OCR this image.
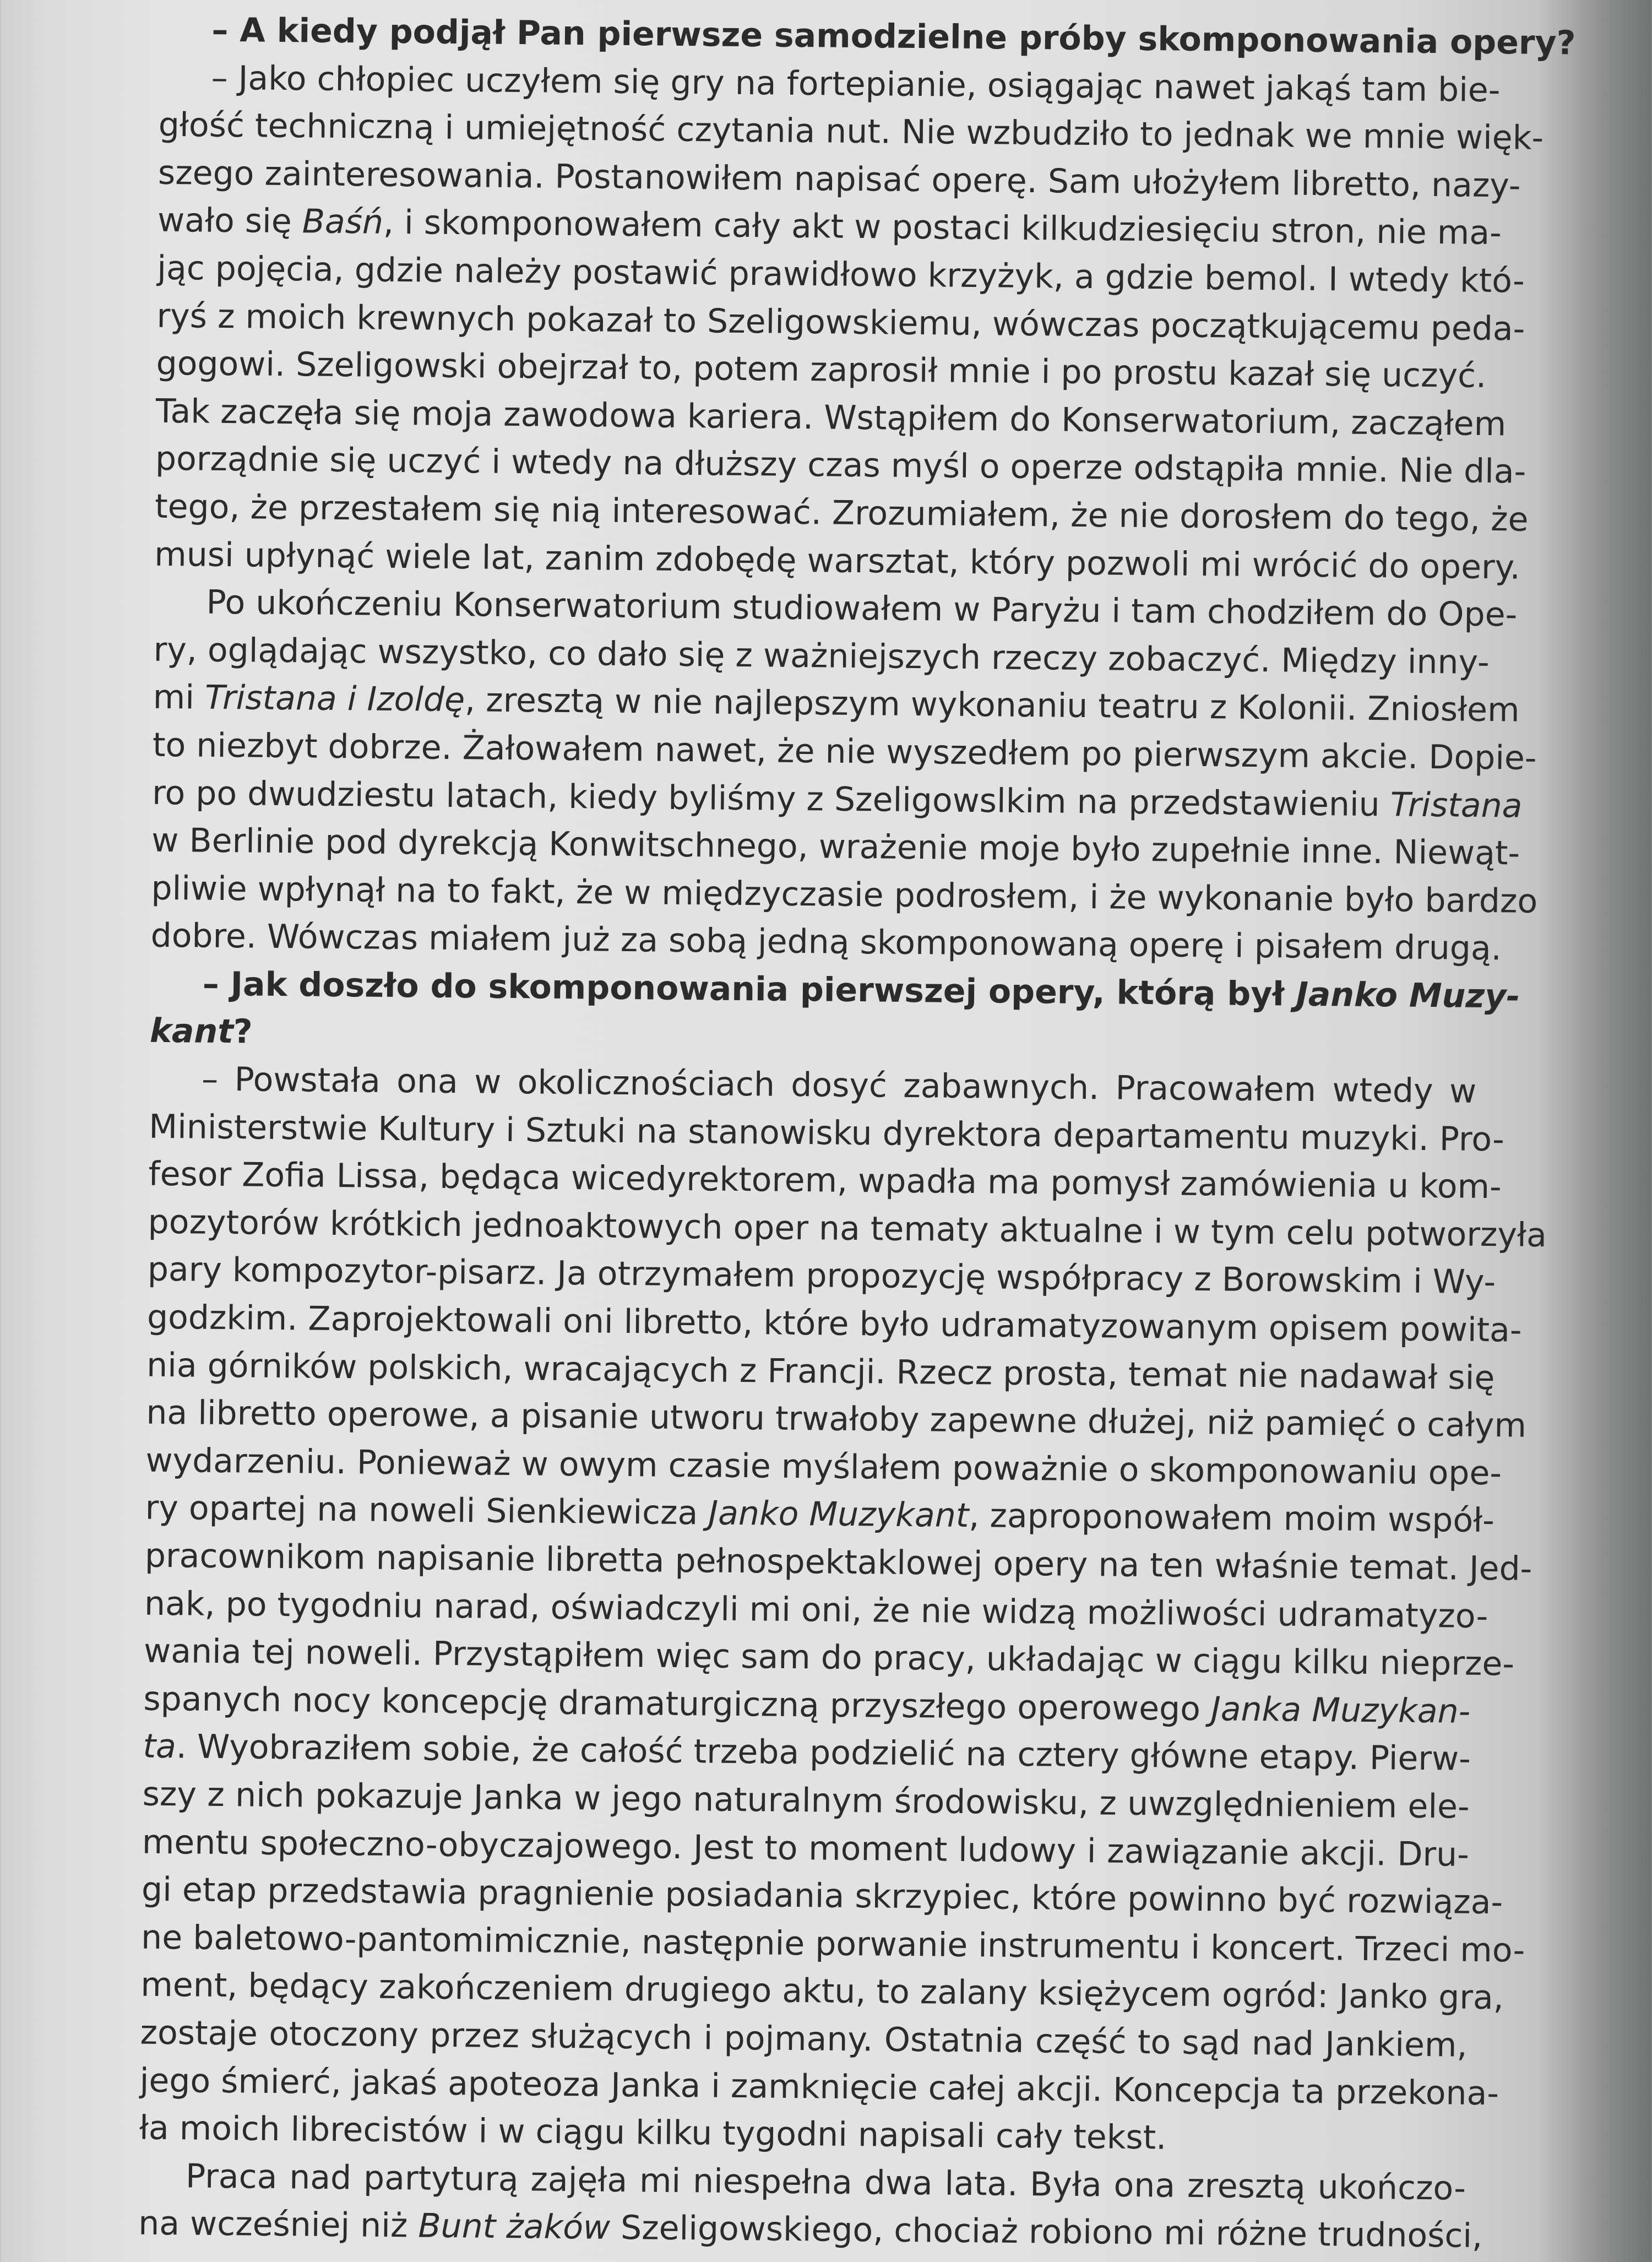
– A kiedy podjął Pan pierwsze samodzielne próby skomponowania opery?
– Jako chłopiec uczyłem się gry na fortepianie, osiągając nawet jakąś tam bie-
głość techniczną i umiejętność czytania nut. Nie wzbudziło to jednak we mnie więk-
szego zainteresowania. Postanowiłem napisać operę. Sam ułożyłem libretto, nazy-
wało się Baśń, i skomponowałem cały akt w postaci kilkudziesięciu stron, nie ma-
jąc pojęcia, gdzie należy postawić prawidłowo krzyżyk, a gdzie bemol. I wtedy któ-
ryś z moich krewnych pokazał to Szeligowskiemu, wówczas początkującemu peda-
gogowi. Szeligowski obejrzał to, potem zaprosił mnie i po prostu kazał się uczyć.
Tak zaczęła się moja zawodowa kariera. Wstąpiłem do Konserwatorium, zacząłem
porządnie się uczyć i wtedy na dłuższy czas myśl o operze odstąpiła mnie. Nie dla-
tego, że przestałem się nią interesować. Zrozumiałem, że nie dorosłem do tego, że
musi upłynąć wiele lat, zanim zdobędę warsztat, który pozwoli mi wrócić do opery.
Po ukończeniu Konserwatorium studiowałem w Paryżu i tam chodziłem do Ope-
ry, oglądając wszystko, co dało się z ważniejszych rzeczy zobaczyć. Między inny-
mi Tristana i Izoldę, zresztą w nie najlepszym wykonaniu teatru z Kolonii. Zniosłem
to niezbyt dobrze. Żałowałem nawet, że nie wyszedłem po pierwszym akcie. Dopie-
ro po dwudziestu latach, kiedy byliśmy z Szeligowslkim na przedstawieniu Tristana
w Berlinie pod dyrekcją Konwitschnego, wrażenie moje było zupełnie inne. Niewąt-
pliwie wpłynął na to fakt, że w międzyczasie podrosłem, i że wykonanie było bardzo
dobre. Wówczas miałem już za sobą jedną skomponowaną operę i pisałem drugą.
– Jak doszło do skomponowania pierwszej opery, którą był Janko Muzy-
kant?
– Powstała ona w okolicznościach dosyć zabawnych. Pracowałem wtedy w
Ministerstwie Kultury i Sztuki na stanowisku dyrektora departamentu muzyki. Pro-
fesor Zofia Lissa, będąca wicedyrektorem, wpadła ma pomysł zamówienia u kom-
pozytorów krótkich jednoaktowych oper na tematy aktualne i w tym celu potworzyła
pary kompozytor-pisarz. Ja otrzymałem propozycję współpracy z Borowskim i Wy-
godzkim. Zaprojektowali oni libretto, które było udramatyzowanym opisem powita-
nia górników polskich, wracających z Francji. Rzecz prosta, temat nie nadawał się
na libretto operowe, a pisanie utworu trwałoby zapewne dłużej, niż pamięć o całym
wydarzeniu. Ponieważ w owym czasie myślałem poważnie o skomponowaniu ope-
ry opartej na noweli Sienkiewicza Janko Muzykant, zaproponowałem moim współ-
pracownikom napisanie libretta pełnospektaklowej opery na ten właśnie temat. Jed-
nak, po tygodniu narad, oświadczyli mi oni, że nie widzą możliwości udramatyzo-
wania tej noweli. Przystąpiłem więc sam do pracy, układając w ciągu kilku nieprze-
spanych nocy koncepcję dramaturgiczną przyszłego operowego Janka Muzykan-
ta. Wyobraziłem sobie, że całość trzeba podzielić na cztery główne etapy. Pierw-
szy z nich pokazuje Janka w jego naturalnym środowisku, z uwzględnieniem ele-
mentu społeczno-obyczajowego. Jest to moment ludowy i zawiązanie akcji. Dru-
gi etap przedstawia pragnienie posiadania skrzypiec, które powinno być rozwiąza-
ne baletowo-pantomimicznie, następnie porwanie instrumentu i koncert. Trzeci mo-
ment, będący zakończeniem drugiego aktu, to zalany księżycem ogród: Janko gra,
zostaje otoczony przez służących i pojmany. Ostatnia część to sąd nad Jankiem,
jego śmierć, jakaś apoteoza Janka i zamknięcie całej akcji. Koncepcja ta przekona-
ła moich librecistów i w ciągu kilku tygodni napisali cały tekst.
Praca nad partyturą zajęła mi niespełna dwa lata. Była ona zresztą ukończo-
na wcześniej niż Bunt żaków Szeligowskiego, chociaż robiono mi różne trudności,
